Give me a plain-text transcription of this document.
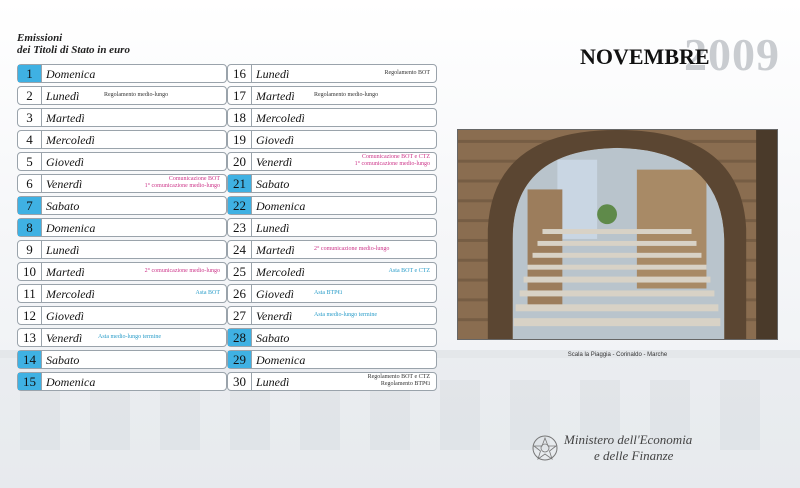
Emissioni
dei Titoli di Stato in euro
1	Domenica
2	Lunedì	Regolamento medio-lungo
3	Martedì
4	Mercoledì
5	Giovedì
6	Venerdì	Comunicazione BOT
1° comunicazione medio-lungo
7	Sabato
8	Domenica
9	Lunedì
10 Martedì	2° comunicazione medio-lungo
11 Mercoledì	Asta BOT
12 Giovedì
13 Venerdì	Asta medio-lungo termine
14 Sabato
15 Domenica
16 Lunedì	Regolamento BOT
17 Martedì	Regolamento medio-lungo
18 Mercoledì
19 Giovedì
20 Venerdì	Comunicazione BOT e CTZ
1° comunicazione medio-lungo
21 Sabato
22 Domenica
23 Lunedì
24 Martedì	2° comunicazione medio-lungo
25 Mercoledì	Asta BOT e CTZ
26 Giovedì	Asta BTP€i
27 Venerdì	Asta medio-lungo termine
28 Sabato
29 Domenica
30 Lunedì	Regolamento BOT e CTZ
Regolamento BTP€i
2009
NOVEMBRE
Scala la Piaggia - Corinaldo - Marche
Ministero dell'Economia
e delle Finanze
